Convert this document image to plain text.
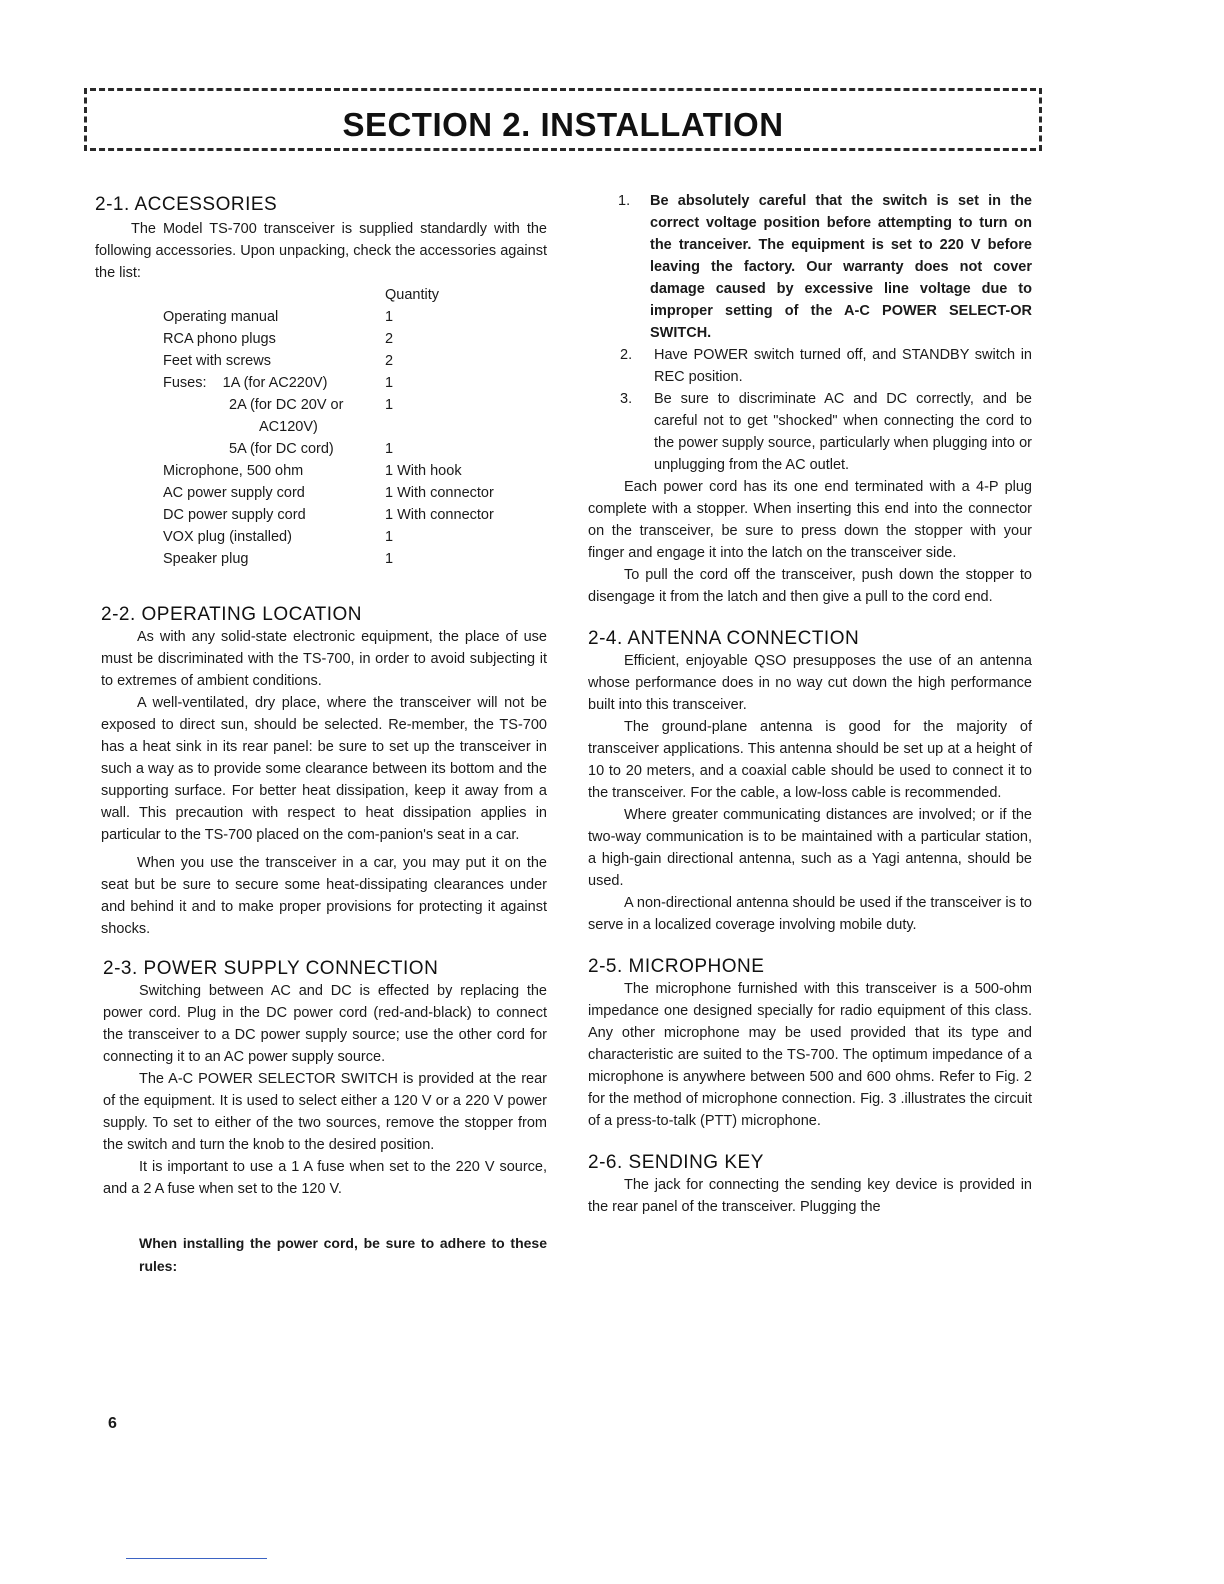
SECTION 2. INSTALLATION
2-1. ACCESSORIES

The Model TS-700 transceiver is supplied standardly with the following accessories. Upon unpacking, check the accessories against the list:

	Quantity
Operating manual	1
RCA phono plugs	2
Feet with screws	2
Fuses:    1A (for AC220V)	1
2A (for DC 20V or	1
AC120V)	
5A (for DC cord)	1
Microphone, 500 ohm	1 With hook
AC power supply cord	1 With connector
DC power supply cord	1 With connector
VOX plug (installed)	1
Speaker plug	1
2-2. OPERATING LOCATION

As with any solid-state electronic equipment, the place of use must be discriminated with the TS-700, in order to avoid subjecting it to extremes of ambient conditions.

A well-ventilated, dry place, where the transceiver will not be exposed to direct sun, should be selected. Re-member, the TS-700 has a heat sink in its rear panel: be sure to set up the transceiver in such a way as to provide some clearance between its bottom and the supporting surface. For better heat dissipation, keep it away from a wall. This precaution with respect to heat dissipation applies in particular to the TS-700 placed on the com-panion's seat in a car.

When you use the transceiver in a car, you may put it on the seat but be sure to secure some heat-dissipating clearances under and behind it and to make proper provisions for protecting it against shocks.

2-3. POWER SUPPLY CONNECTION

Switching between AC and DC is effected by replacing the power cord. Plug in the DC power cord (red-and-black) to connect the transceiver to a DC power supply source; use the other cord for connecting it to an AC power supply source.

The A-C POWER SELECTOR SWITCH is provided at the rear of the equipment. It is used to select either a 120 V or a 220 V power supply. To set to either of the two sources, remove the stopper from the switch and turn the knob to the desired position.

It is important to use a 1 A fuse when set to the 220 V source, and a 2 A fuse when set to the 120 V.

When installing the power cord, be sure to adhere to these rules:
1.	Be absolutely careful that the switch is set in the correct voltage position before attempting to turn on the tranceiver. The equipment is set to 220 V before leaving the factory. Our warranty does not cover damage caused by excessive line voltage due to improper setting of the A-C POWER SELECT-OR SWITCH.
2.	Have POWER switch turned off, and STANDBY switch in REC position.
3.	Be sure to discriminate AC and DC correctly, and be careful not to get "shocked" when connecting the cord to the power supply source, particularly when plugging into or unplugging from the AC outlet.

Each power cord has its one end terminated with a 4-P plug complete with a stopper. When inserting this end into the connector on the transceiver, be sure to press down the stopper with your finger and engage it into the latch on the transceiver side.

To pull the cord off the transceiver, push down the stopper to disengage it from the latch and then give a pull to the cord end.

2-4. ANTENNA CONNECTION

Efficient, enjoyable QSO presupposes the use of an antenna whose performance does in no way cut down the high performance built into this transceiver.

The ground-plane antenna is good for the majority of transceiver applications. This antenna should be set up at a height of 10 to 20 meters, and a coaxial cable should be used to connect it to the transceiver. For the cable, a low-loss cable is recommended.

Where greater communicating distances are involved; or if the two-way communication is to be maintained with a particular station, a high-gain directional antenna, such as a Yagi antenna, should be used.

A non-directional antenna should be used if the transceiver is to serve in a localized coverage involving mobile duty.

2-5. MICROPHONE

The microphone furnished with this transceiver is a 500-ohm impedance one designed specially for radio equipment of this class. Any other microphone may be used provided that its type and characteristic are suited to the TS-700. The optimum impedance of a microphone is anywhere between 500 and 600 ohms. Refer to Fig. 2 for the method of microphone connection. Fig. 3 .illustrates the circuit of a press-to-talk (PTT) microphone.

2-6. SENDING KEY

The jack for connecting the sending key device is provided in the rear panel of the transceiver. Plugging the

6
